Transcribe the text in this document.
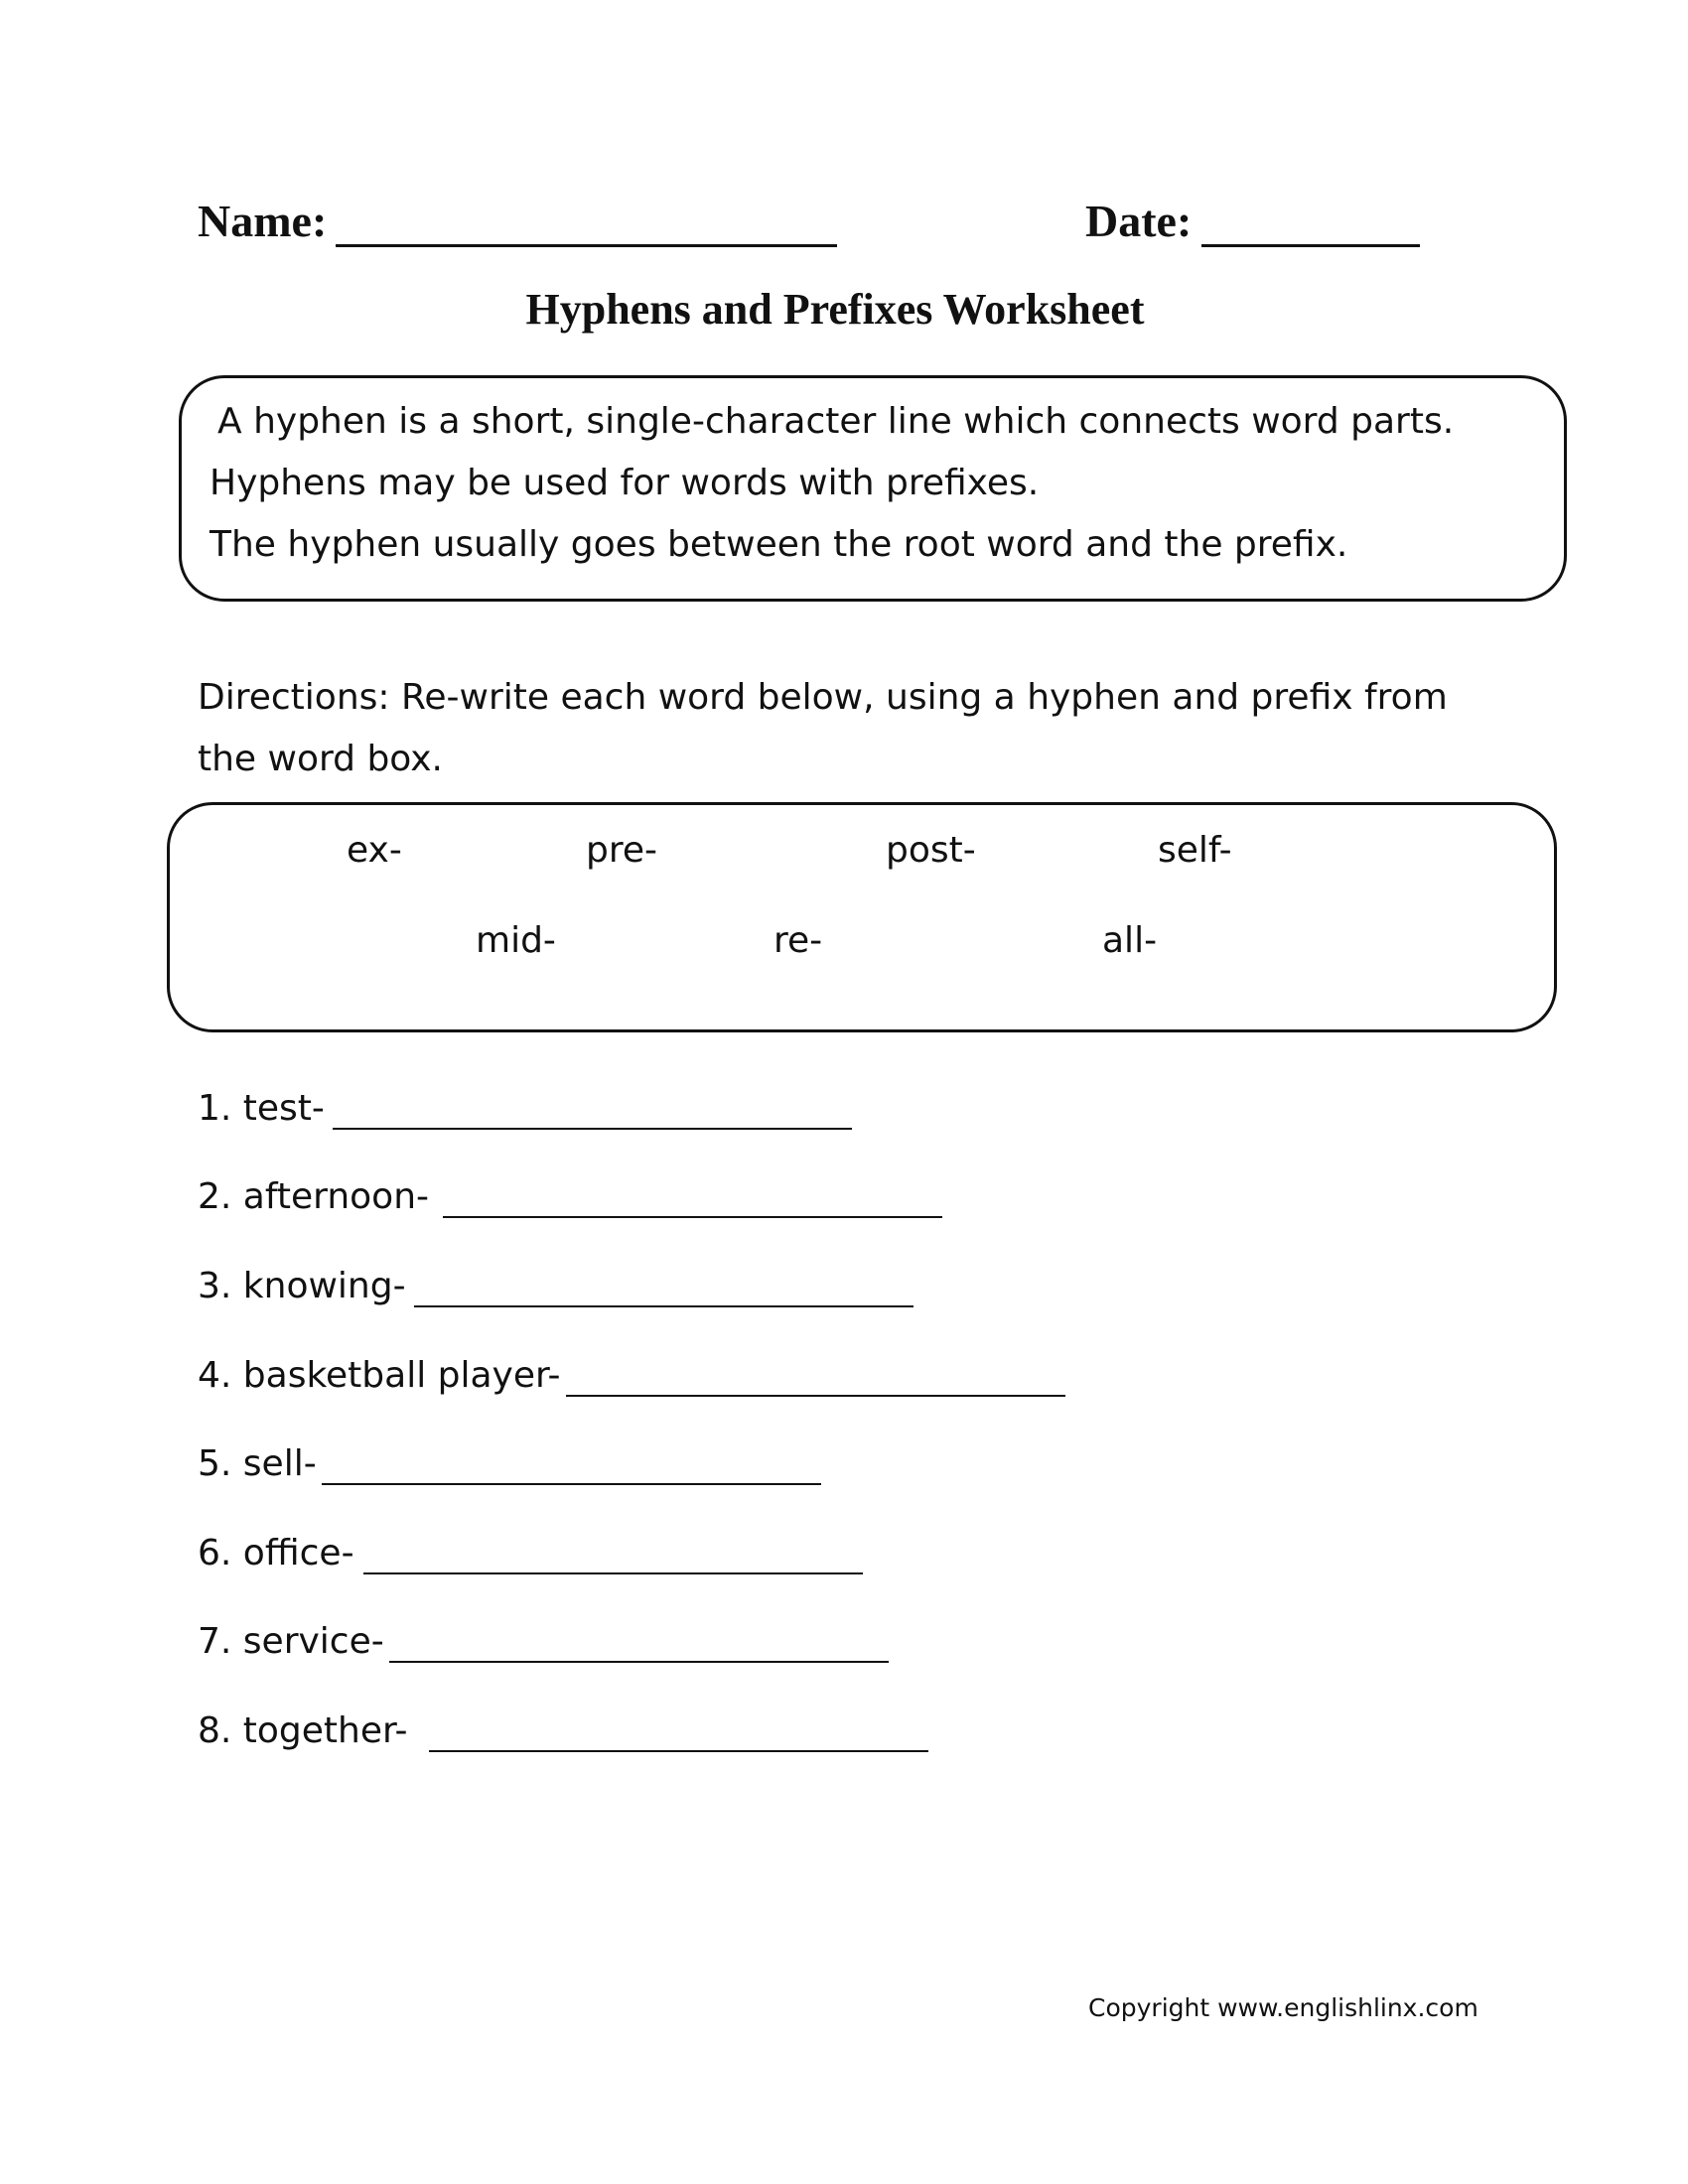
Name:	Date:
Hyphens and Prefixes Worksheet
A hyphen is a short, single-character line which connects word parts.
Hyphens may be used for words with prefixes.
The hyphen usually goes between the root word and the prefix.
Directions: Re-write each word below, using a hyphen and prefix from the word box.
ex-	pre-	post-	self-
mid-	re-	all-
1. test-
2. afternoon-
3. knowing-
4. basketball player-
5. sell-
6. office-
7. service-
8. together-
Copyright www.englishlinx.com
